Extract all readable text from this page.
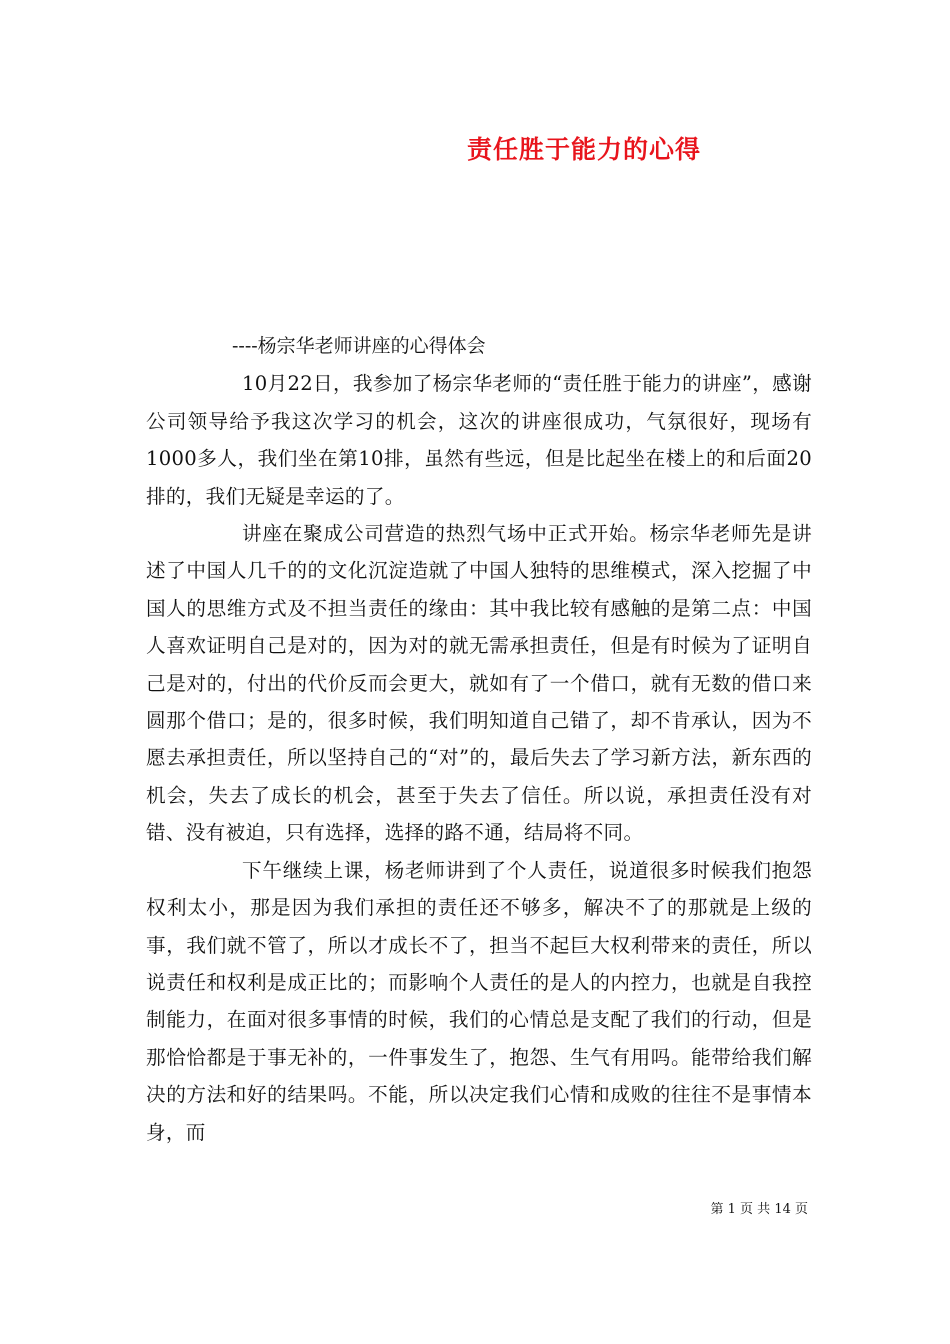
责任胜于能力的心得

----杨宗华老师讲座的心得体会

10月22日，我参加了杨宗华老师的“责任胜于能力的讲座”，感谢公司领导给予我这次学习的机会，这次的讲座很成功，气氛很好，现场有1000多人，我们坐在第10排，虽然有些远，但是比起坐在楼上的和后面20排的，我们无疑是幸运的了。

讲座在聚成公司营造的热烈气场中正式开始。杨宗华老师先是讲述了中国人几千的的文化沉淀造就了中国人独特的思维模式，深入挖掘了中国人的思维方式及不担当责任的缘由：其中我比较有感触的是第二点：中国人喜欢证明自己是对的，因为对的就无需承担责任，但是有时候为了证明自己是对的，付出的代价反而会更大，就如有了一个借口，就有无数的借口来圆那个借口；是的，很多时候，我们明知道自己错了，却不肯承认，因为不愿去承担责任，所以坚持自己的“对”的，最后失去了学习新方法，新东西的机会，失去了成长的机会，甚至于失去了信任。所以说，承担责任没有对错、没有被迫，只有选择，选择的路不通，结局将不同。

下午继续上课，杨老师讲到了个人责任，说道很多时候我们抱怨权利太小，那是因为我们承担的责任还不够多，解决不了的那就是上级的事，我们就不管了，所以才成长不了，担当不起巨大权利带来的责任，所以说责任和权利是成正比的；而影响个人责任的是人的内控力，也就是自我控制能力，在面对很多事情的时候，我们的心情总是支配了我们的行动，但是那恰恰都是于事无补的，一件事发生了，抱怨、生气有用吗。能带给我们解决的方法和好的结果吗。不能，所以决定我们心情和成败的往往不是事情本身，而

第 1 页 共 14 页
